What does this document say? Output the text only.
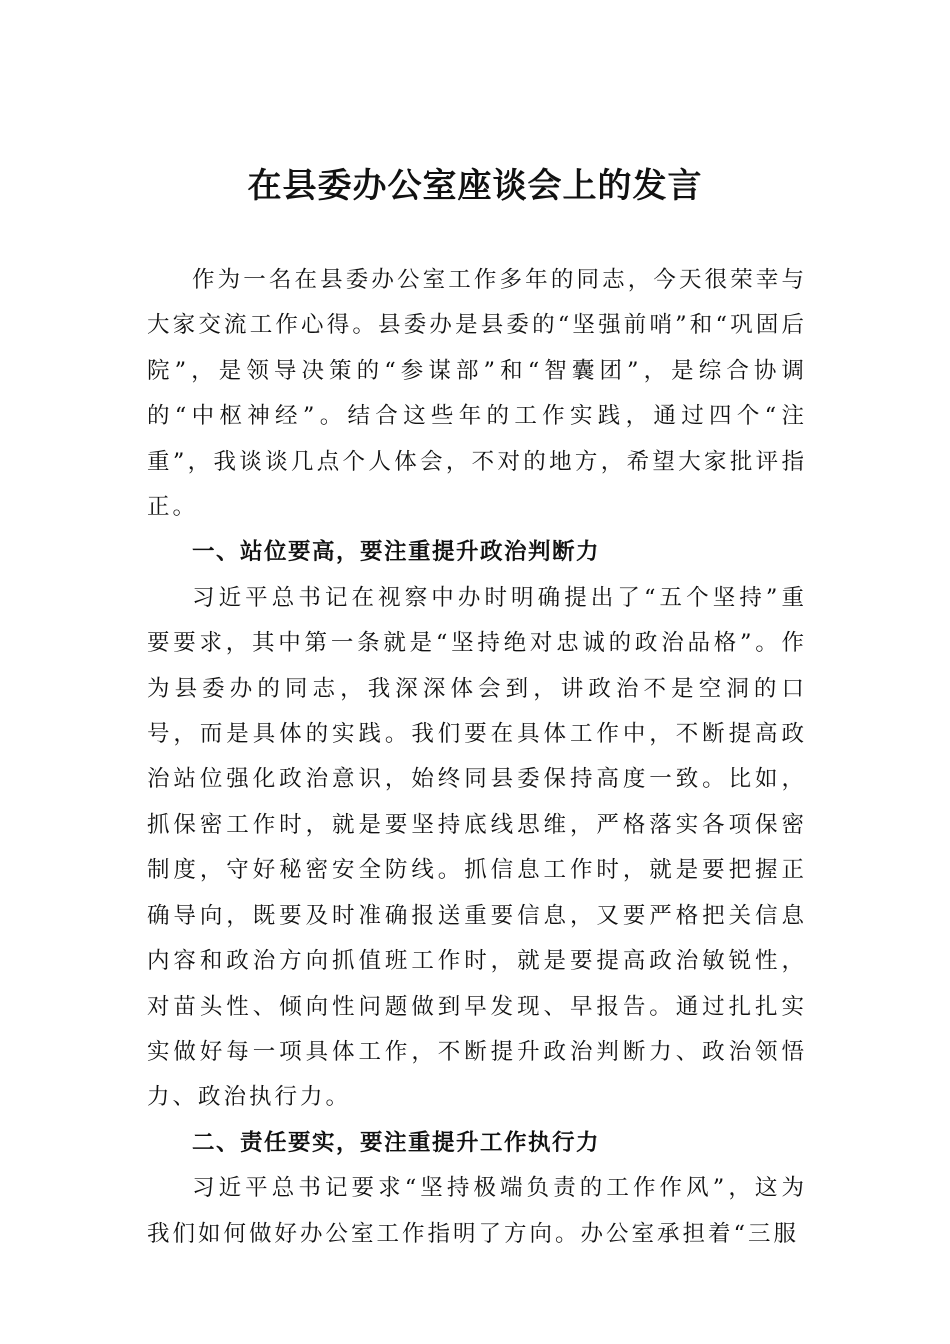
在县委办公室座谈会上的发言

作为一名在县委办公室工作多年的同志，今天很荣幸与大家交流工作心得。县委办是县委的“坚强前哨”和“巩固后院”，是领导决策的“参谋部”和“智囊团”，是综合协调的“中枢神经”。结合这些年的工作实践，通过四个“注重”，我谈谈几点个人体会，不对的地方，希望大家批评指正。

一、站位要高，要注重提升政治判断力

习近平总书记在视察中办时明确提出了“五个坚持”重要要求，其中第一条就是“坚持绝对忠诚的政治品格”。作为县委办的同志，我深深体会到，讲政治不是空洞的口号，而是具体的实践。我们要在具体工作中，不断提高政治站位强化政治意识，始终同县委保持高度一致。比如，抓保密工作时，就是要坚持底线思维，严格落实各项保密制度，守好秘密安全防线。抓信息工作时，就是要把握正确导向，既要及时准确报送重要信息，又要严格把关信息内容和政治方向抓值班工作时，就是要提高政治敏锐性，对苗头性、倾向性问题做到早发现、早报告。通过扎扎实实做好每一项具体工作，不断提升政治判断力、政治领悟力、政治执行力。

二、责任要实，要注重提升工作执行力

习近平总书记要求“坚持极端负责的工作作风”，这为我们如何做好办公室工作指明了方向。办公室承担着“三服
